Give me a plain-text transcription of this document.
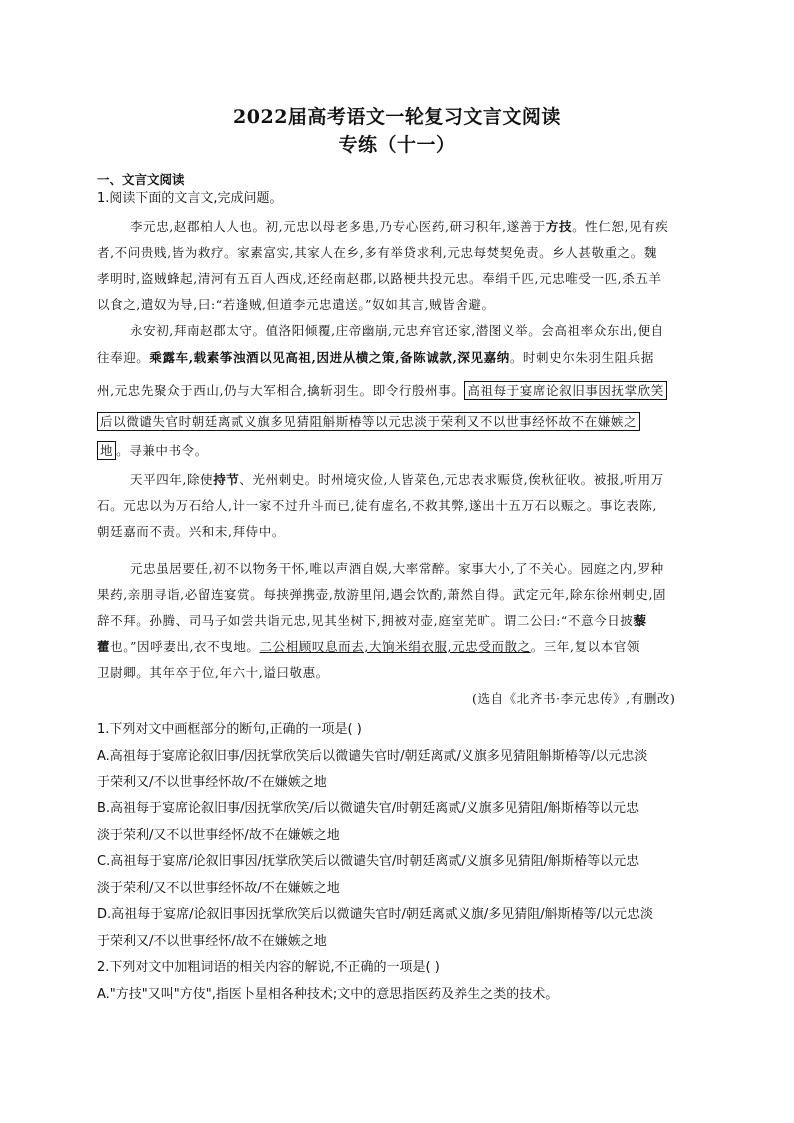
2022届高考语文一轮复习文言文阅读
专练（十一）
一、文言文阅读
1.阅读下面的文言文,完成问题。
李元忠,赵郡柏人人也。初,元忠以母老多患,乃专心医药,研习积年,遂善于方技。性仁恕,见有疾
者,不问贵贱,皆为救疗。家素富实,其家人在乡,多有举贷求利,元忠每焚契免责。乡人甚敬重之。魏
孝明时,盗贼蜂起,清河有五百人西戍,还经南赵郡,以路梗共投元忠。奉绢千匹,元忠唯受一匹,杀五羊
以食之,遣奴为导,曰:“若逢贼,但道李元忠遣送。”奴如其言,贼皆舍避。
永安初,拜南赵郡太守。值洛阳倾覆,庄帝幽崩,元忠弃官还家,潜图义举。会高祖率众东出,便自
往奉迎。乘露车,载素筝浊酒以见高祖,因进从横之策,备陈诚款,深见嘉纳。时刺史尔朱羽生阻兵据
州,元忠先聚众于西山,仍与大军相合,擒斩羽生。即令行殷州事。 高祖每于宴席论叙旧事因抚掌欣笑
后以微谴失官时朝廷离贰义旗多见猜阻斛斯椿等以元忠淡于荣利又不以世事经怀故不在嫌嫉之
地 。寻兼中书令。
天平四年,除使持节、光州刺史。时州境灾俭,人皆菜色,元忠表求赈贷,俟秋征收。被报,听用万
石。元忠以为万石给人,计一家不过升斗而已,徒有虚名,不救其弊,遂出十五万石以赈之。事讫表陈,
朝廷嘉而不责。兴和末,拜侍中。
元忠虽居要任,初不以物务干怀,唯以声酒自娱,大率常醉。家事大小,了不关心。园庭之内,罗种
果药,亲朋寻诣,必留连宴赏。每挟弹携壶,敖游里闬,遇会饮酌,萧然自得。武定元年,除东徐州刺史,固
辞不拜。孙腾、司马子如尝共诣元忠,见其坐树下,拥被对壶,庭室芜旷。谓二公曰:“不意今日披藜
藿也。”因呼妻出,衣不曳地。二公相顾叹息而去,大饷米绢衣服,元忠受而散之。三年,复以本官领
卫尉卿。其年卒于位,年六十,谥曰敬惠。
(选自《北齐书·李元忠传》,有删改)
1.下列对文中画框部分的断句,正确的一项是( )
A.高祖每于宴席论叙旧事/因抚掌欣笑后以微谴失官时/朝廷离贰/义旗多见猜阻斛斯椿等/以元忠淡
于荣利又/不以世事经怀故/不在嫌嫉之地
B.高祖每于宴席论叙旧事/因抚掌欣笑/后以微谴失官/时朝廷离贰/义旗多见猜阻/斛斯椿等以元忠
淡于荣利/又不以世事经怀/故不在嫌嫉之地
C.高祖每于宴席/论叙旧事因/抚掌欣笑后以微谴失官/时朝廷离贰/义旗多见猜阻/斛斯椿等以元忠
淡于荣利/又不以世事经怀故/不在嫌嫉之地
D.高祖每于宴席/论叙旧事因抚掌欣笑后以微谴失官时/朝廷离贰义旗/多见猜阻/斛斯椿等/以元忠淡
于荣利又/不以世事经怀/故不在嫌嫉之地
2.下列对文中加粗词语的相关内容的解说,不正确的一项是( )
A."方技"又叫"方伎",指医卜星相各种技术;文中的意思指医药及养生之类的技术。
